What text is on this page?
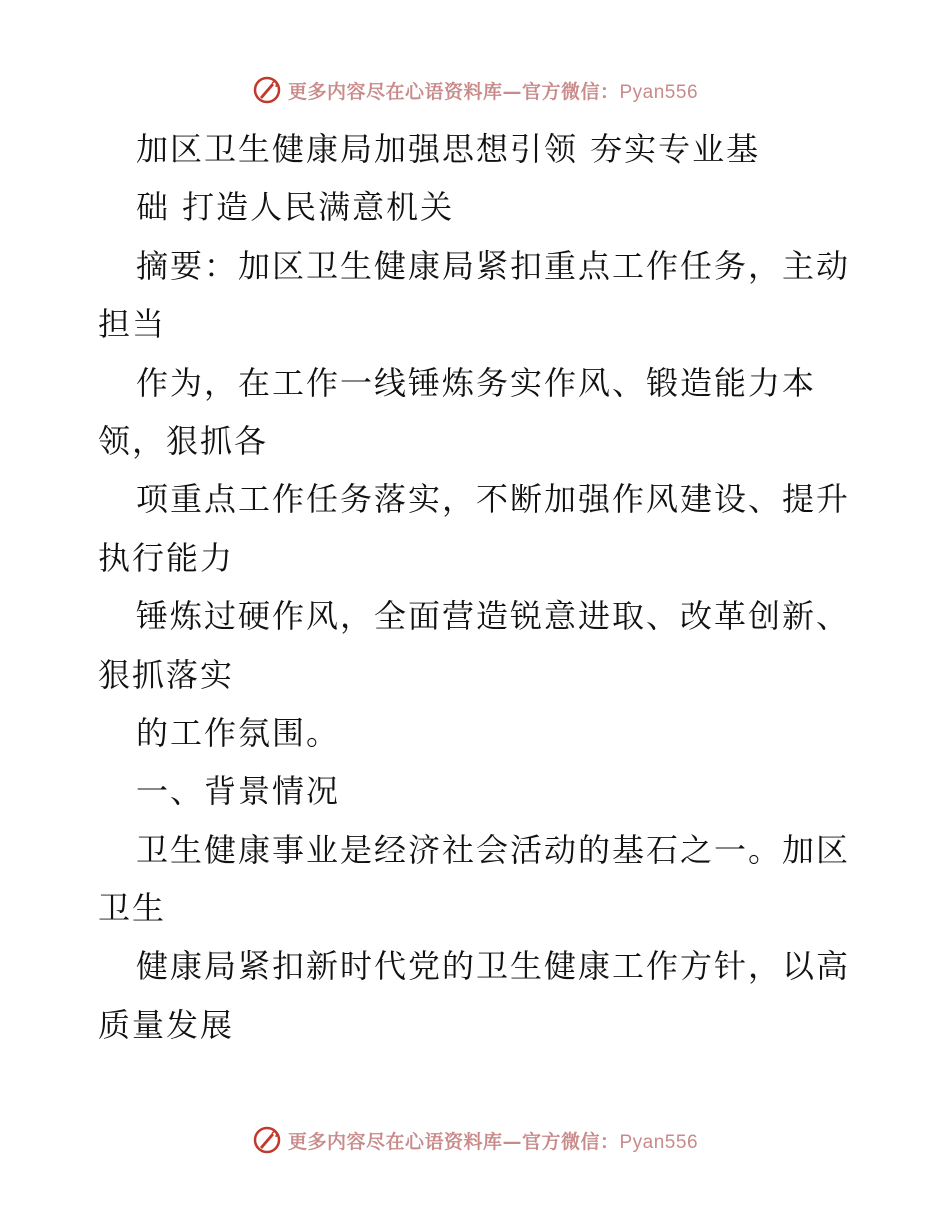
更多内容尽在心语资料库—官方微信：Pyan556
加区卫生健康局加强思想引领 夯实专业基
础 打造人民满意机关
摘要：加区卫生健康局紧扣重点工作任务，主动
担当
作为，在工作一线锤炼务实作风、锻造能力本
领，狠抓各
项重点工作任务落实，不断加强作风建设、提升
执行能力
锤炼过硬作风，全面营造锐意进取、改革创新、
狠抓落实
的工作氛围。
一、背景情况
卫生健康事业是经济社会活动的基石之一。加区
卫生
健康局紧扣新时代党的卫生健康工作方针，以高
质量发展
更多内容尽在心语资料库—官方微信：Pyan556
